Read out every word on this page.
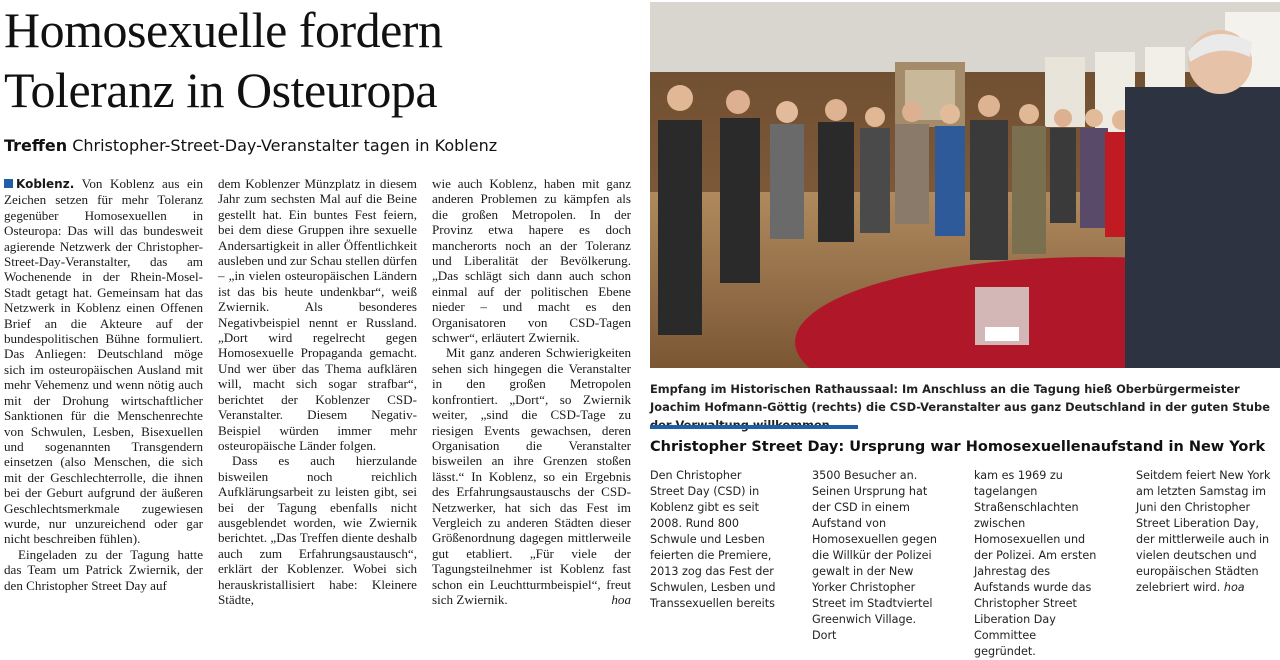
Homosexuelle fordern
Toleranz in Osteuropa
Treffen Christopher-Street-Day-Veranstalter tagen in Koblenz

Koblenz. Von Koblenz aus ein Zeichen setzen für mehr Toleranz gegenüber Homosexuellen in Osteuropa: Das will das bundesweit agierende Netzwerk der Christopher-Street-Day-Veranstalter, das am Wochenende in der Rhein-Mosel-Stadt getagt hat. Gemeinsam hat das Netzwerk in Koblenz einen Offenen Brief an die Akteure auf der bundespolitischen Bühne formuliert. Das Anliegen: Deutschland möge sich im osteuropäischen Ausland mit mehr Vehemenz und wenn nötig auch mit der Drohung wirtschaftlicher Sanktionen für die Menschenrechte von Schwulen, Lesben, Bisexuellen und sogenannten Transgendern einsetzen (also Menschen, die sich mit der Geschlechterrolle, die ihnen bei der Geburt aufgrund der äußeren Geschlechtsmerkmale zugewiesen wurde, nur unzureichend oder gar nicht beschreiben fühlen).

Eingeladen zu der Tagung hatte das Team um Patrick Zwiernik, der den Christopher Street Day auf

dem Koblenzer Münzplatz in diesem Jahr zum sechsten Mal auf die Beine gestellt hat. Ein buntes Fest feiern, bei dem diese Gruppen ihre sexuelle Andersartigkeit in aller Öffentlichkeit ausleben und zur Schau stellen dürfen – „in vielen osteuropäischen Ländern ist das bis heute undenkbar“, weiß Zwiernik. Als besonderes Negativbeispiel nennt er Russland. „Dort wird regelrecht gegen Homosexuelle Propaganda gemacht. Und wer über das Thema aufklären will, macht sich sogar strafbar“, berichtet der Koblenzer CSD-Veranstalter. Diesem Negativ-Beispiel würden immer mehr osteuropäische Länder folgen.

Dass es auch hierzulande bisweilen noch reichlich Aufklärungsarbeit zu leisten gibt, sei bei der Tagung ebenfalls nicht ausgeblendet worden, wie Zwiernik berichtet. „Das Treffen diente deshalb auch zum Erfahrungsaustausch“, erklärt der Koblenzer. Wobei sich herauskristallisiert habe: Kleinere Städte,

wie auch Koblenz, haben mit ganz anderen Problemen zu kämpfen als die großen Metropolen. In der Provinz etwa hapere es doch mancherorts noch an der Toleranz und Liberalität der Bevölkerung. „Das schlägt sich dann auch schon einmal auf der politischen Ebene nieder – und macht es den Organisatoren von CSD-Tagen schwer“, erläutert Zwiernik.

Mit ganz anderen Schwierigkeiten sehen sich hingegen die Veranstalter in den großen Metropolen konfrontiert. „Dort“, so Zwiernik weiter, „sind die CSD-Tage zu riesigen Events gewachsen, deren Organisation die Veranstalter bisweilen an ihre Grenzen stoßen lässt.“ In Koblenz, so ein Ergebnis des Erfahrungsaustauschs der CSD-Netzwerker, hat sich das Fest im Vergleich zu anderen Städten dieser Größenordnung dagegen mittlerweile gut etabliert. „Für viele der Tagungsteilnehmer ist Koblenz fast schon ein Leuchtturmbeispiel“, freut sich Zwiernik.	hoa

Empfang im Historischen Rathaussaal: Im Anschluss an die Tagung hieß Oberbürgermeister Joachim Hofmann-Göttig (rechts) die CSD-Veranstalter aus ganz Deutschland in der guten Stube
Christopher Street Day: Ursprung war Homosexuellenaufstand in New York

Den Christopher Street Day (CSD) in Koblenz gibt es seit 2008. Rund 800 Schwule und Lesben feierten die Premiere, 2013 zog das Fest der Schwulen, Lesben und Transsexuellen bereits

3500 Besucher an. Seinen Ursprung hat der CSD in einem Aufstand von Homosexuellen gegen die Willkür der Polizei gewalt in der New Yorker Christopher Street im Stadtviertel Greenwich Village. Dort

kam es 1969 zu tagelangen Straßenschlachten zwischen Homosexuellen und der Polizei. Am ersten Jahrestag des Aufstands wurde das Christopher Street Liberation Day Committee gegründet.

Seitdem feiert New York am letzten Samstag im Juni den Christopher Street Liberation Day, der mittlerweile auch in vielen deutschen und europäischen Städten zelebriert wird. hoa
